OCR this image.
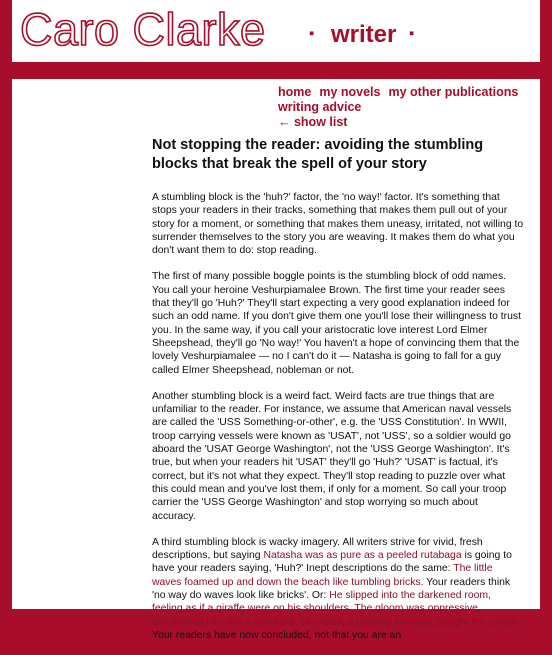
Caro Clarke	▪ writer ▪
home my novels my other publications
writing advice
← show list
Not stopping the reader: avoiding the stumbling blocks that break the spell of your story

A stumbling block is the 'huh?' factor, the 'no way!' factor. It's something that stops your readers in their tracks, something that makes them pull out of your story for a moment, or something that makes them uneasy, irritated, not willing to surrender themselves to the story you are weaving. It makes them do what you don't want them to do: stop reading.

The first of many possible boggle points is the stumbling block of odd names. You call your heroine Veshurpiamalee Brown. The first time your reader sees that they'll go 'Huh?' They'll start expecting a very good explanation indeed for such an odd name. If you don't give them one you'll lose their willingness to trust you. In the same way, if you call your aristocratic love interest Lord Elmer Sheepshead, they'll go 'No way!' You haven't a hope of convincing them that the lovely Veshurpiamalee — no I can't do it — Natasha is going to fall for a guy called Elmer Sheepshead, nobleman or not.

Another stumbling block is a weird fact. Weird facts are true things that are unfamiliar to the reader. For instance, we assume that American naval vessels are called the 'USS Something-or-other', e.g. the 'USS Constitution'. In WWII, troop carrying vessels were known as 'USAT', not 'USS', so a soldier would go aboard the 'USAT George Washington', not the 'USS George Washington'. It's true, but when your readers hit 'USAT' they'll go 'Huh?' 'USAT' is factual, it's correct, but it's not what they expect. They'll stop reading to puzzle over what this could mean and you've lost them, if only for a moment. So call your troop carrier the 'USS George Washington' and stop worrying so much about accuracy.

A third stumbling block is wacky imagery. All writers strive for vivid, fresh descriptions, but saying Natasha was as pure as a peeled rutabaga is going to have your readers saying, 'Huh?' Inept descriptions do the same: The little waves foamed up and down the beach like tumbling bricks. Your readers think 'no way do waves look like bricks'. Or: He slipped into the darkened room, feeling as if a giraffe were on his shoulders. The gloom was oppressive, smothering him like a cornflake. His hand, a groping anteater, sought the switch. Your readers have now concluded, not that you are an
